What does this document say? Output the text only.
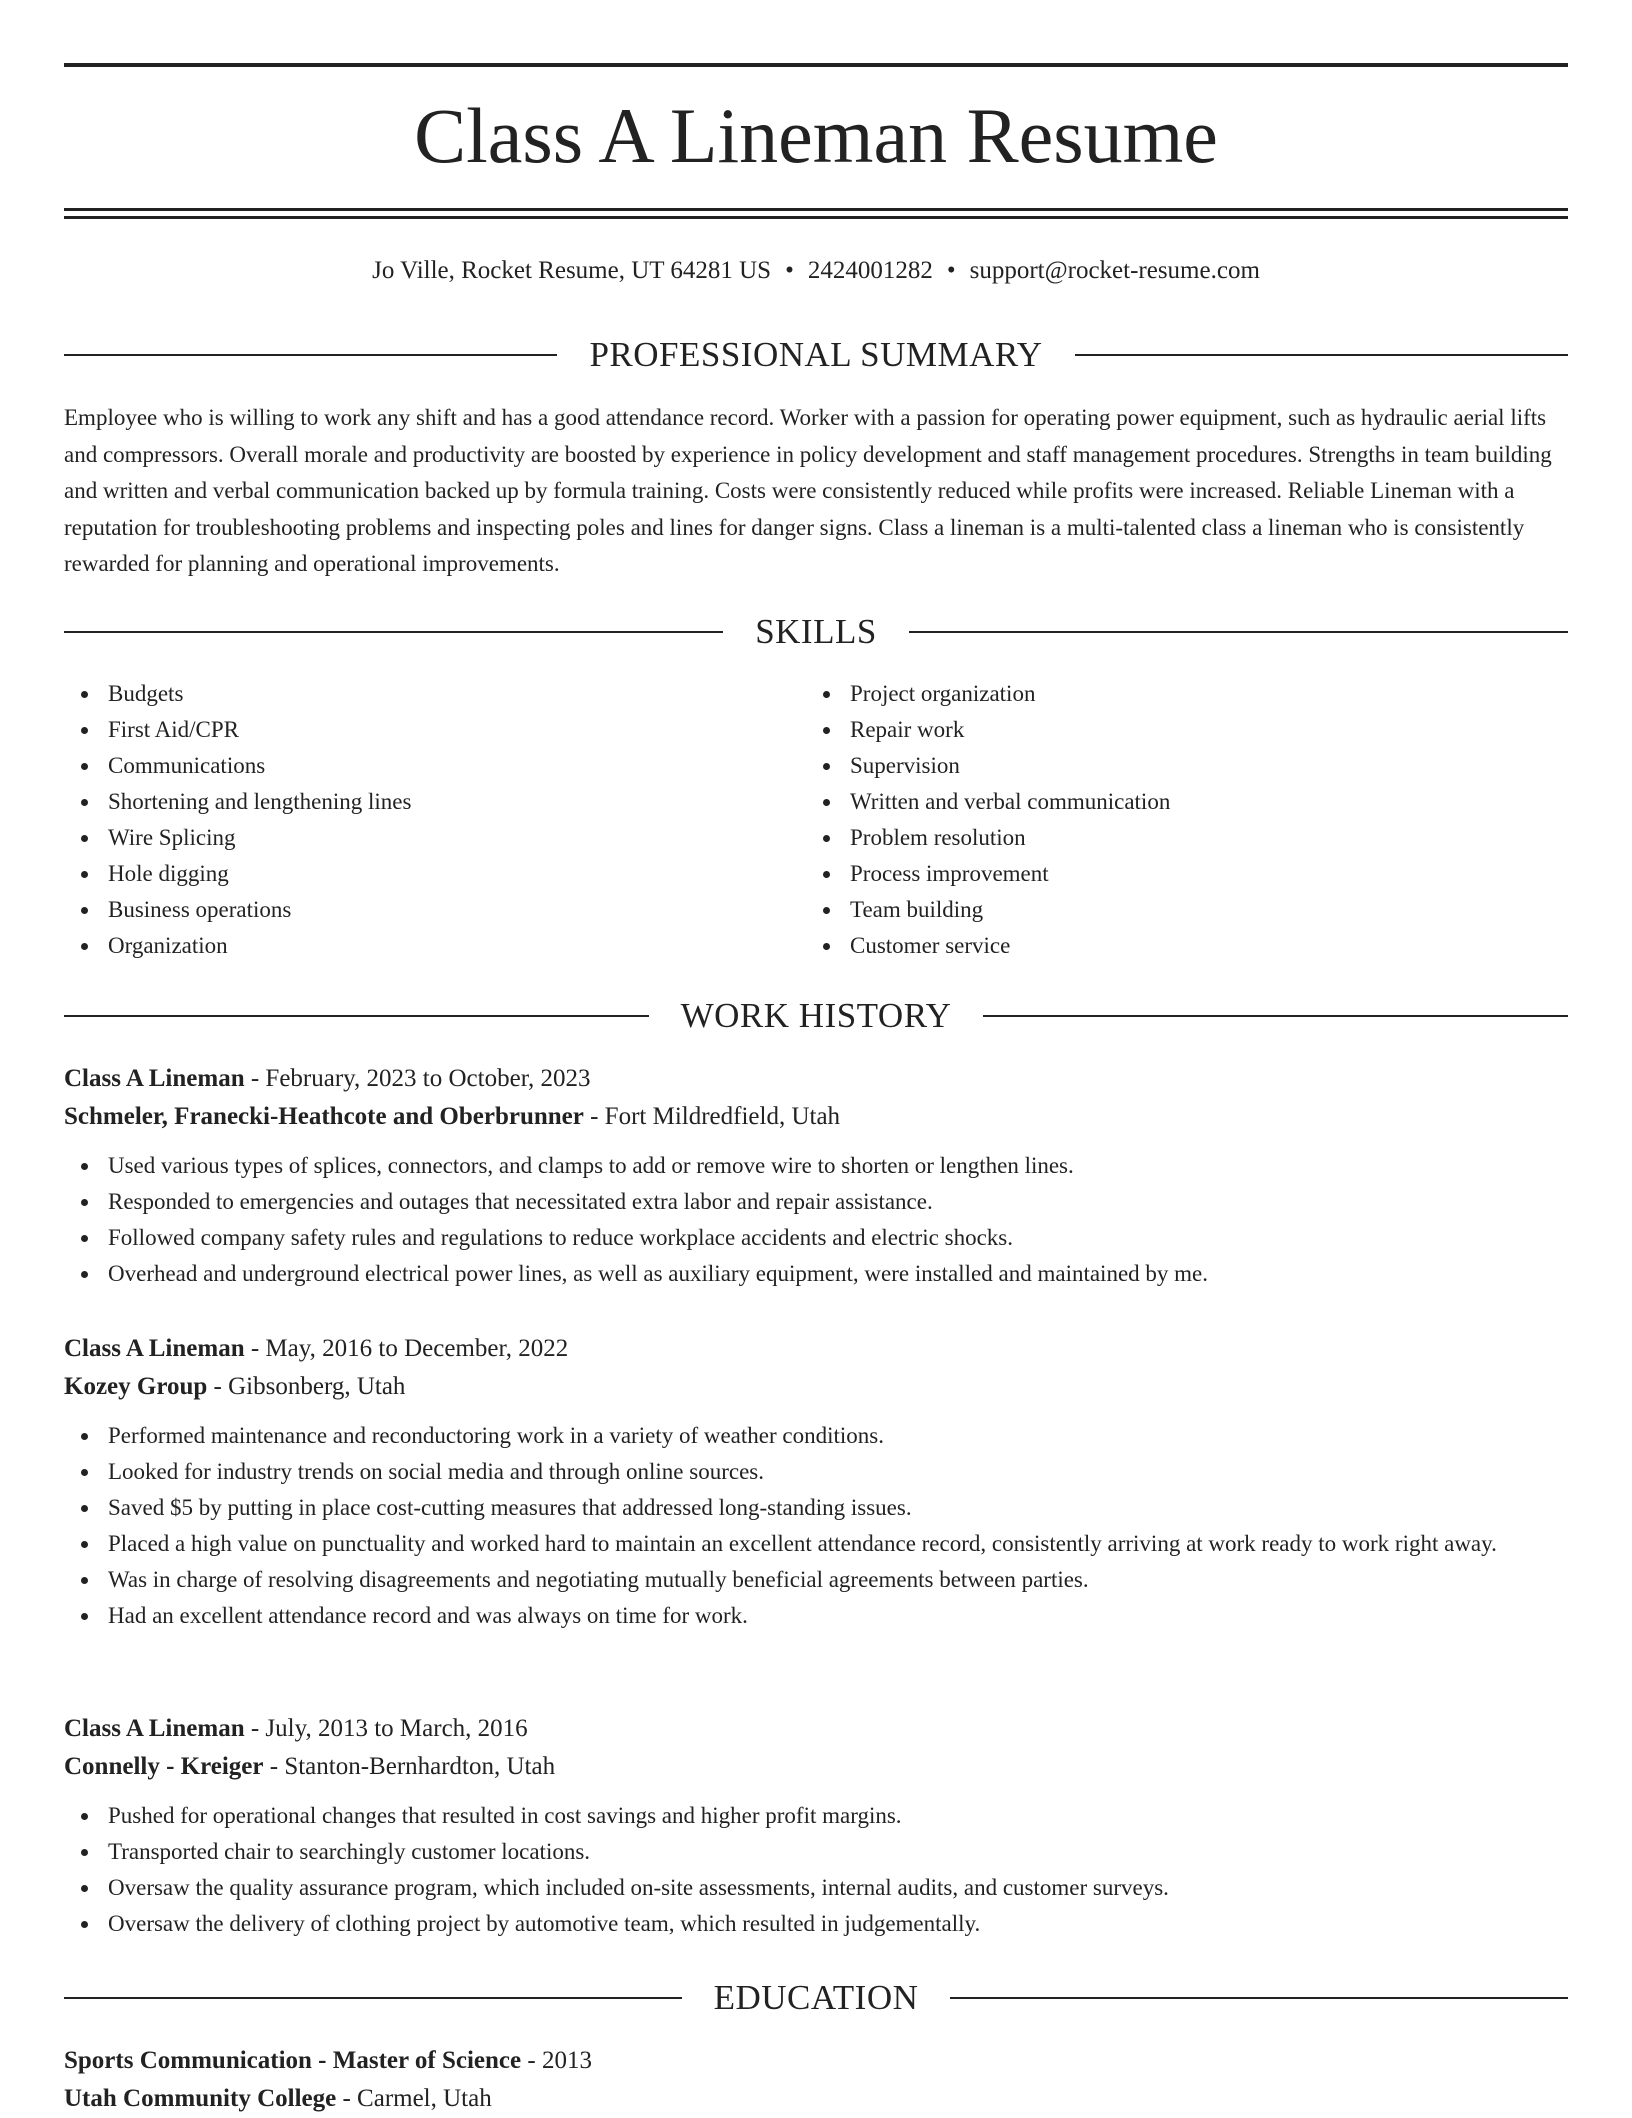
Class A Lineman Resume
Jo Ville, Rocket Resume, UT 64281 US • 2424001282 • support@rocket-resume.com
PROFESSIONAL SUMMARY

Employee who is willing to work any shift and has a good attendance record. Worker with a passion for operating power equipment, such as hydraulic aerial lifts and compressors. Overall morale and productivity are boosted by experience in policy development and staff management procedures. Strengths in team building and written and verbal communication backed up by formula training. Costs were consistently reduced while profits were increased. Reliable Lineman with a reputation for troubleshooting problems and inspecting poles and lines for danger signs. Class a lineman is a multi-talented class a lineman who is consistently rewarded for planning and operational improvements.

SKILLS
Budgets
First Aid/CPR
Communications
Shortening and lengthening lines
Wire Splicing
Hole digging
Business operations
Organization
Project organization
Repair work
Supervision
Written and verbal communication
Problem resolution
Process improvement
Team building
Customer service
WORK HISTORY
Class A Lineman - February, 2023 to October, 2023
Schmeler, Franecki-Heathcote and Oberbrunner - Fort Mildredfield, Utah
Used various types of splices, connectors, and clamps to add or remove wire to shorten or lengthen lines.
Responded to emergencies and outages that necessitated extra labor and repair assistance.
Followed company safety rules and regulations to reduce workplace accidents and electric shocks.
Overhead and underground electrical power lines, as well as auxiliary equipment, were installed and maintained by me.
Class A Lineman - May, 2016 to December, 2022
Kozey Group - Gibsonberg, Utah
Performed maintenance and reconductoring work in a variety of weather conditions.
Looked for industry trends on social media and through online sources.
Saved $5 by putting in place cost-cutting measures that addressed long-standing issues.
Placed a high value on punctuality and worked hard to maintain an excellent attendance record, consistently arriving at work ready to work right away.
Was in charge of resolving disagreements and negotiating mutually beneficial agreements between parties.
Had an excellent attendance record and was always on time for work.
Class A Lineman - July, 2013 to March, 2016
Connelly - Kreiger - Stanton-Bernhardton, Utah
Pushed for operational changes that resulted in cost savings and higher profit margins.
Transported chair to searchingly customer locations.
Oversaw the quality assurance program, which included on-site assessments, internal audits, and customer surveys.
Oversaw the delivery of clothing project by automotive team, which resulted in judgementally.
EDUCATION
Sports Communication - Master of Science - 2013
Utah Community College - Carmel, Utah
